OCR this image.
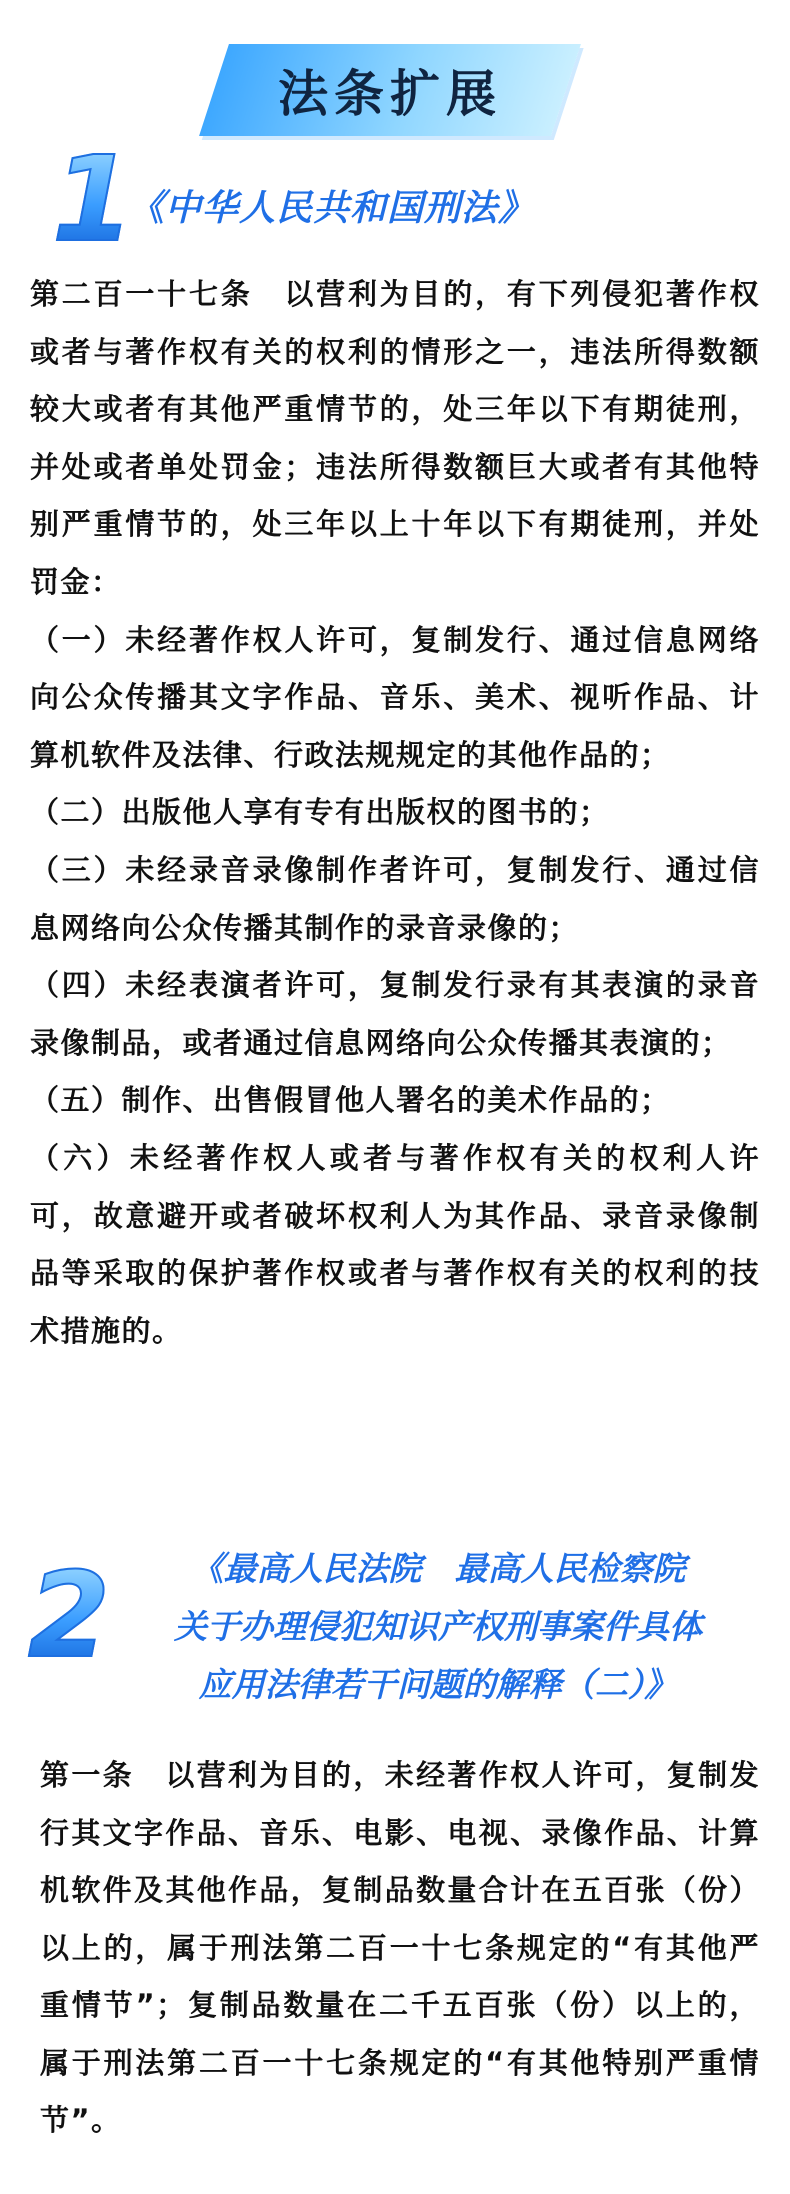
法条扩展
1
《中华人民共和国刑法》

第二百一十七条　以营利为目的，有下列侵犯著作权或者与著作权有关的权利的情形之一，违法所得数额较大或者有其他严重情节的，处三年以下有期徒刑，并处或者单处罚金；违法所得数额巨大或者有其他特别严重情节的，处三年以上十年以下有期徒刑，并处罚金：

（一）未经著作权人许可，复制发行、通过信息网络向公众传播其文字作品、音乐、美术、视听作品、计算机软件及法律、行政法规规定的其他作品的；

（二）出版他人享有专有出版权的图书的；

（三）未经录音录像制作者许可，复制发行、通过信息网络向公众传播其制作的录音录像的；

（四）未经表演者许可，复制发行录有其表演的录音录像制品，或者通过信息网络向公众传播其表演的；

（五）制作、出售假冒他人署名的美术作品的；

（六）未经著作权人或者与著作权有关的权利人许可，故意避开或者破坏权利人为其作品、录音录像制品等采取的保护著作权或者与著作权有关的权利的技术措施的。

2	《最高人民法院　最高人民检察院
关于办理侵犯知识产权刑事案件具体
应用法律若干问题的解释（二）》

第一条　以营利为目的，未经著作权人许可，复制发行其文字作品、音乐、电影、电视、录像作品、计算机软件及其他作品，复制品数量合计在五百张（份）以上的，属于刑法第二百一十七条规定的“有其他严重情节”；复制品数量在二千五百张（份）以上的，属于刑法第二百一十七条规定的“有其他特别严重情节”。
